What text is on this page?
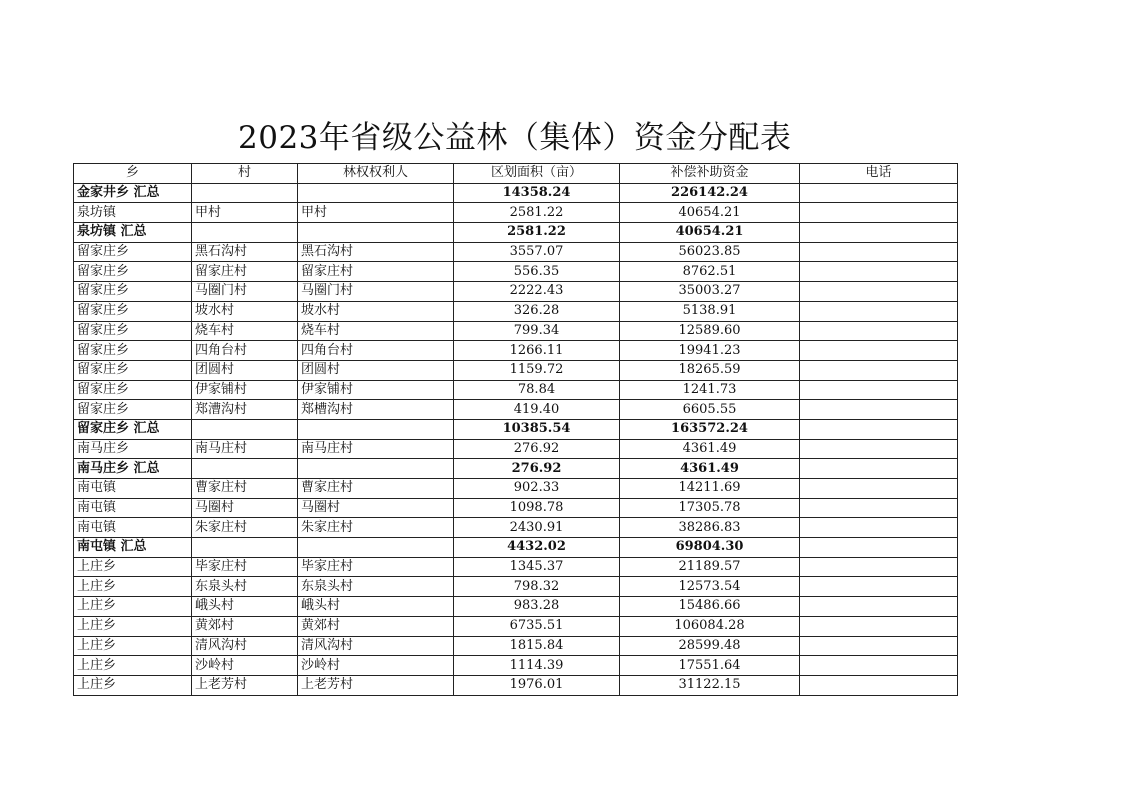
2023年省级公益林（集体）资金分配表
乡	村	林权权利人	区划面积（亩）	补偿补助资金	电话
金家井乡 汇总			14358.24	226142.24	
泉坊镇	甲村	甲村	2581.22	40654.21	
泉坊镇 汇总			2581.22	40654.21	
留家庄乡	黑石沟村	黑石沟村	3557.07	56023.85	
留家庄乡	留家庄村	留家庄村	556.35	8762.51	
留家庄乡	马圈门村	马圈门村	2222.43	35003.27	
留家庄乡	坡水村	坡水村	326.28	5138.91	
留家庄乡	烧车村	烧车村	799.34	12589.60	
留家庄乡	四角台村	四角台村	1266.11	19941.23	
留家庄乡	团圆村	团圆村	1159.72	18265.59	
留家庄乡	伊家铺村	伊家铺村	78.84	1241.73	
留家庄乡	郑漕沟村	郑槽沟村	419.40	6605.55	
留家庄乡 汇总			10385.54	163572.24	
南马庄乡	南马庄村	南马庄村	276.92	4361.49	
南马庄乡 汇总			276.92	4361.49	
南屯镇	曹家庄村	曹家庄村	902.33	14211.69	
南屯镇	马圈村	马圈村	1098.78	17305.78	
南屯镇	朱家庄村	朱家庄村	2430.91	38286.83	
南屯镇 汇总			4432.02	69804.30	
上庄乡	毕家庄村	毕家庄村	1345.37	21189.57	
上庄乡	东泉头村	东泉头村	798.32	12573.54	
上庄乡	峨头村	峨头村	983.28	15486.66	
上庄乡	黄郊村	黄郊村	6735.51	106084.28	
上庄乡	清风沟村	清风沟村	1815.84	28599.48	
上庄乡	沙岭村	沙岭村	1114.39	17551.64	
上庄乡	上老芳村	上老芳村	1976.01	31122.15	
